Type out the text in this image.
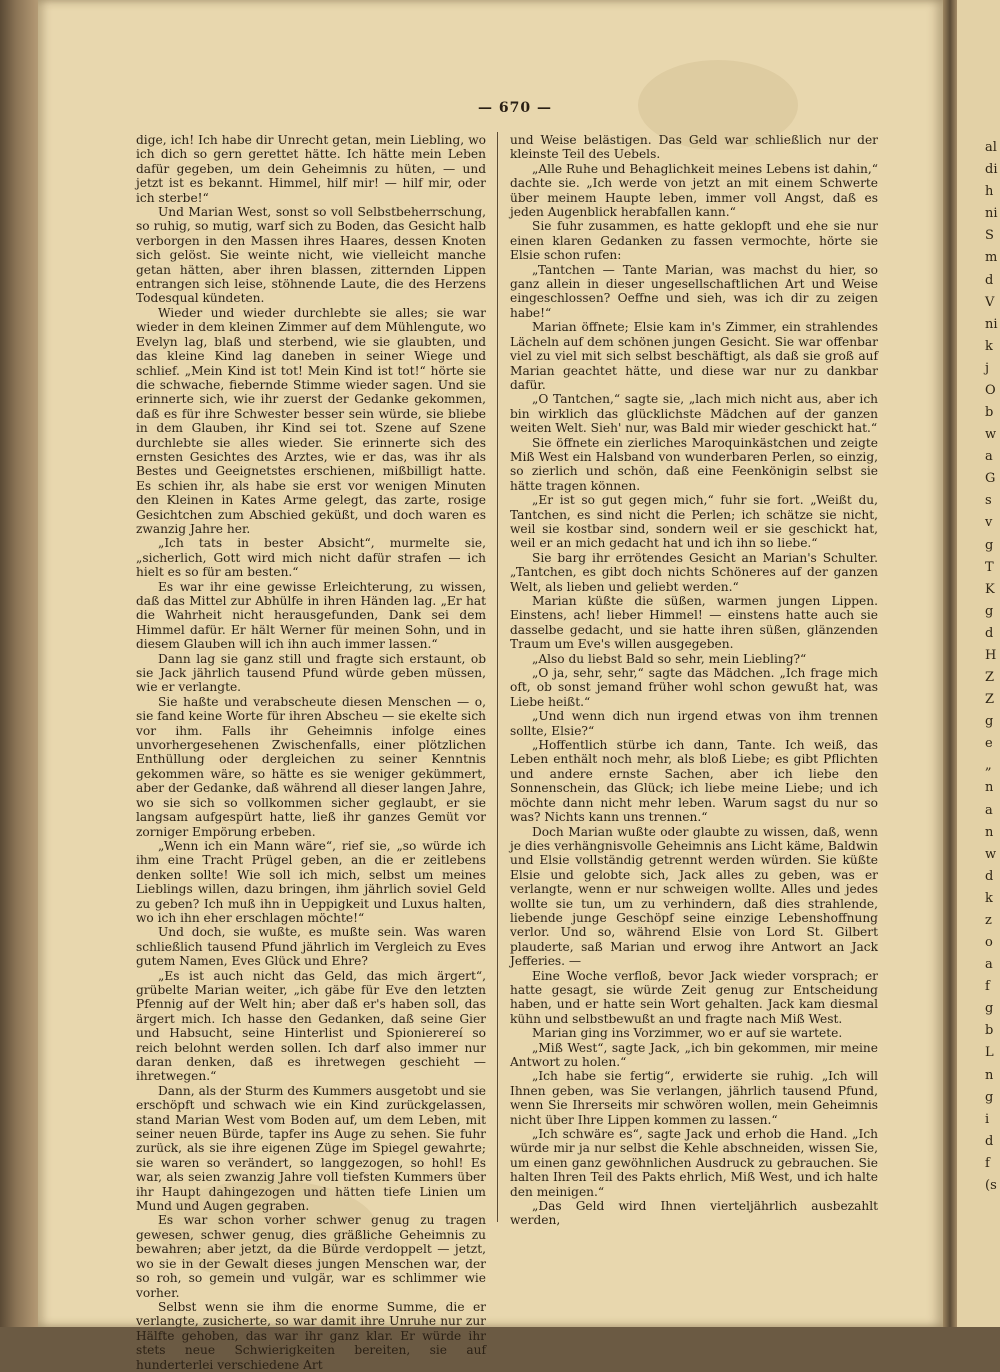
— 670 —

dige, ich! Ich habe dir Unrecht getan, mein Liebling, wo ich dich so gern gerettet hätte. Ich hätte mein Leben dafür gegeben, um dein Geheimnis zu hüten, — und jetzt ist es bekannt. Himmel, hilf mir! — hilf mir, oder ich sterbe!“

Und Marian West, sonst so voll Selbstbeherrschung, so ruhig, so mutig, warf sich zu Boden, das Gesicht halb verborgen in den Massen ihres Haares, dessen Knoten sich gelöst. Sie weinte nicht, wie vielleicht manche getan hätten, aber ihren blassen, zitternden Lippen entrangen sich leise, stöhnende Laute, die des Herzens Todesqual kündeten.

Wieder und wieder durchlebte sie alles; sie war wieder in dem kleinen Zimmer auf dem Mühlengute, wo Evelyn lag, blaß und sterbend, wie sie glaubten, und das kleine Kind lag daneben in seiner Wiege und schlief. „Mein Kind ist tot! Mein Kind ist tot!“ hörte sie die schwache, fiebernde Stimme wieder sagen. Und sie erinnerte sich, wie ihr zuerst der Gedanke gekommen, daß es für ihre Schwester besser sein würde, sie bliebe in dem Glauben, ihr Kind sei tot. Szene auf Szene durchlebte sie alles wieder. Sie erinnerte sich des ernsten Gesichtes des Arztes, wie er das, was ihr als Bestes und Geeignetstes erschienen, mißbilligt hatte. Es schien ihr, als habe sie erst vor wenigen Minuten den Kleinen in Kates Arme gelegt, das zarte, rosige Gesichtchen zum Abschied geküßt, und doch waren es zwanzig Jahre her.

„Ich tats in bester Absicht“, murmelte sie, „sicherlich, Gott wird mich nicht dafür strafen — ich hielt es so für am besten.“

Es war ihr eine gewisse Erleichterung, zu wissen, daß das Mittel zur Abhülfe in ihren Händen lag. „Er hat die Wahrheit nicht herausgefunden, Dank sei dem Himmel dafür. Er hält Werner für meinen Sohn, und in diesem Glauben will ich ihn auch immer lassen.“

Dann lag sie ganz still und fragte sich erstaunt, ob sie Jack jährlich tausend Pfund würde geben müssen, wie er verlangte.

Sie haßte und verabscheute diesen Menschen — o, sie fand keine Worte für ihren Abscheu — sie ekelte sich vor ihm. Falls ihr Geheimnis infolge eines unvorhergesehenen Zwischenfalls, einer plötzlichen Enthüllung oder dergleichen zu seiner Kenntnis gekommen wäre, so hätte es sie weniger gekümmert, aber der Gedanke, daß während all dieser langen Jahre, wo sie sich so vollkommen sicher geglaubt, er sie langsam aufgespürt hatte, ließ ihr ganzes Gemüt vor zorniger Empörung erbeben.

„Wenn ich ein Mann wäre“, rief sie, „so würde ich ihm eine Tracht Prügel geben, an die er zeitlebens denken sollte! Wie soll ich mich, selbst um meines Lieblings willen, dazu bringen, ihm jährlich soviel Geld zu geben? Ich muß ihn in Ueppigkeit und Luxus halten, wo ich ihn eher erschlagen möchte!“

Und doch, sie wußte, es mußte sein. Was waren schließlich tausend Pfund jährlich im Vergleich zu Eves gutem Namen, Eves Glück und Ehre?

„Es ist auch nicht das Geld, das mich ärgert“, grübelte Marian weiter, „ich gäbe für Eve den letzten Pfennig auf der Welt hin; aber daß er's haben soll, das ärgert mich. Ich hasse den Gedanken, daß seine Gier und Habsucht, seine Hinterlist und Spionierereí so reich belohnt werden sollen. Ich darf also immer nur daran denken, daß es ihretwegen geschieht — ihretwegen.“

Dann, als der Sturm des Kummers ausgetobt und sie erschöpft und schwach wie ein Kind zurückgelassen, stand Marian West vom Boden auf, um dem Leben, mit seiner neuen Bürde, tapfer ins Auge zu sehen. Sie fuhr zurück, als sie ihre eigenen Züge im Spiegel gewahrte; sie waren so verändert, so langgezogen, so hohl! Es war, als seien zwanzig Jahre voll tiefsten Kummers über ihr Haupt dahingezogen und hätten tiefe Linien um Mund und Augen gegraben.

Es war schon vorher schwer genug zu tragen gewesen, schwer genug, dies gräßliche Geheimnis zu bewahren; aber jetzt, da die Bürde verdoppelt — jetzt, wo sie in der Gewalt dieses jungen Menschen war, der so roh, so gemein und vulgär, war es schlimmer wie vorher.

Selbst wenn sie ihm die enorme Summe, die er verlangte, zusicherte, so war damit ihre Unruhe nur zur Hälfte gehoben, das war ihr ganz klar. Er würde ihr stets neue Schwierigkeiten bereiten, sie auf hunderterlei verschiedene Art

und Weise belästigen. Das Geld war schließlich nur der kleinste Teil des Uebels.

„Alle Ruhe und Behaglichkeit meines Lebens ist dahin,“ dachte sie. „Ich werde von jetzt an mit einem Schwerte über meinem Haupte leben, immer voll Angst, daß es jeden Augenblick herabfallen kann.“

Sie fuhr zusammen, es hatte geklopft und ehe sie nur einen klaren Gedanken zu fassen vermochte, hörte sie Elsie schon rufen:

„Tantchen — Tante Marian, was machst du hier, so ganz allein in dieser ungesellschaftlichen Art und Weise eingeschlossen? Oeffne und sieh, was ich dir zu zeigen habe!“

Marian öffnete; Elsie kam in's Zimmer, ein strahlendes Lächeln auf dem schönen jungen Gesicht. Sie war offenbar viel zu viel mit sich selbst beschäftigt, als daß sie groß auf Marian geachtet hätte, und diese war nur zu dankbar dafür.

„O Tantchen,“ sagte sie, „lach mich nicht aus, aber ich bin wirklich das glücklichste Mädchen auf der ganzen weiten Welt. Sieh' nur, was Bald mir wieder geschickt hat.“

Sie öffnete ein zierliches Maroquinkästchen und zeigte Miß West ein Halsband von wunderbaren Perlen, so einzig, so zierlich und schön, daß eine Feenkönigin selbst sie hätte tragen können.

„Er ist so gut gegen mich,“ fuhr sie fort. „Weißt du, Tantchen, es sind nicht die Perlen; ich schätze sie nicht, weil sie kostbar sind, sondern weil er sie geschickt hat, weil er an mich gedacht hat und ich ihn so liebe.“

Sie barg ihr errötendes Gesicht an Marian's Schulter. „Tantchen, es gibt doch nichts Schöneres auf der ganzen Welt, als lieben und geliebt werden.“

Marian küßte die süßen, warmen jungen Lippen. Einstens, ach! lieber Himmel! — einstens hatte auch sie dasselbe gedacht, und sie hatte ihren süßen, glänzenden Traum um Eve's willen ausgegeben.

„Also du liebst Bald so sehr, mein Liebling?“

„O ja, sehr, sehr,“ sagte das Mädchen. „Ich frage mich oft, ob sonst jemand früher wohl schon gewußt hat, was Liebe heißt.“

„Und wenn dich nun irgend etwas von ihm trennen sollte, Elsie?“

„Hoffentlich stürbe ich dann, Tante. Ich weiß, das Leben enthält noch mehr, als bloß Liebe; es gibt Pflichten und andere ernste Sachen, aber ich liebe den Sonnenschein, das Glück; ich liebe meine Liebe; und ich möchte dann nicht mehr leben. Warum sagst du nur so was? Nichts kann uns trennen.“

Doch Marian wußte oder glaubte zu wissen, daß, wenn je dies verhängnisvolle Geheimnis ans Licht käme, Baldwin und Elsie vollständig getrennt werden würden. Sie küßte Elsie und gelobte sich, Jack alles zu geben, was er verlangte, wenn er nur schweigen wollte. Alles und jedes wollte sie tun, um zu verhindern, daß dies strahlende, liebende junge Geschöpf seine einzige Lebenshoffnung verlor. Und so, während Elsie von Lord St. Gilbert plauderte, saß Marian und erwog ihre Antwort an Jack Jefferies. —

Eine Woche verfloß, bevor Jack wieder vorsprach; er hatte gesagt, sie würde Zeit genug zur Entscheidung haben, und er hatte sein Wort gehalten. Jack kam diesmal kühn und selbstbewußt an und fragte nach Miß West.

Marian ging ins Vorzimmer, wo er auf sie wartete.

„Miß West“, sagte Jack, „ich bin gekommen, mir meine Antwort zu holen.“

„Ich habe sie fertig“, erwiderte sie ruhig. „Ich will Ihnen geben, was Sie verlangen, jährlich tausend Pfund, wenn Sie Ihrerseits mir schwören wollen, mein Geheimnis nicht über Ihre Lippen kommen zu lassen.“

„Ich schwäre es“, sagte Jack und erhob die Hand. „Ich würde mir ja nur selbst die Kehle abschneiden, wissen Sie, um einen ganz gewöhnlichen Ausdruck zu gebrauchen. Sie halten Ihren Teil des Pakts ehrlich, Miß West, und ich halte den meinigen.“

„Das Geld wird Ihnen vierteljährlich ausbezahlt werden,

al
di
h
ni
S
m
d
V
ni
k
j
O
b
w
a
G
s
v
g
T
K
g
d
H
Z
Z
g
e
„
n
a
n
w
d
k
z
o
a
f
g
b
L
n
g
i
d
f
(s
